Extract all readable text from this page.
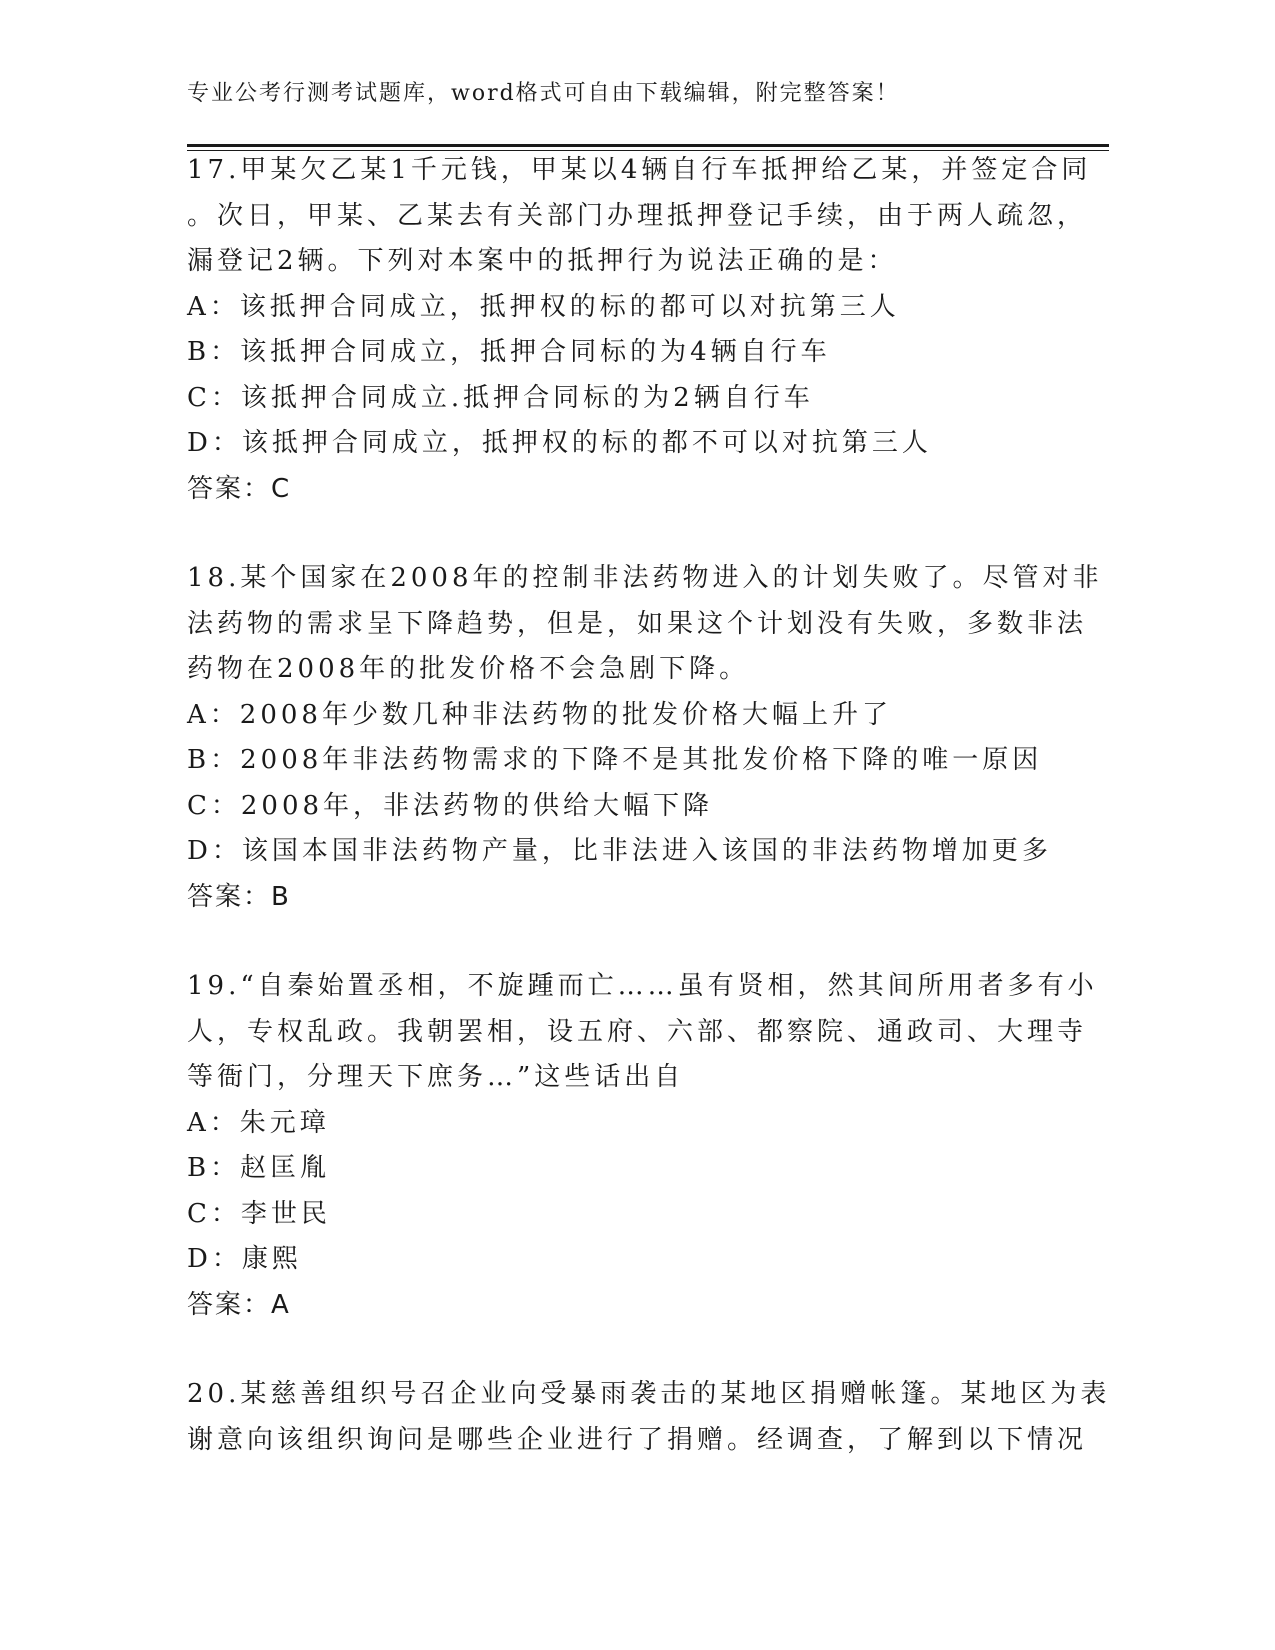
专业公考行测考试题库，word格式可自由下载编辑，附完整答案！
17.甲某欠乙某1千元钱，甲某以4辆自行车抵押给乙某，并签定合同
。次日，甲某、乙某去有关部门办理抵押登记手续，由于两人疏忽，
漏登记2辆。下列对本案中的抵押行为说法正确的是：
A：该抵押合同成立，抵押权的标的都可以对抗第三人
B：该抵押合同成立，抵押合同标的为4辆自行车
C：该抵押合同成立.抵押合同标的为2辆自行车
D：该抵押合同成立，抵押权的标的都不可以对抗第三人
答案：C
18.某个国家在2008年的控制非法药物进入的计划失败了。尽管对非
法药物的需求呈下降趋势，但是，如果这个计划没有失败，多数非法
药物在2008年的批发价格不会急剧下降。
A：2008年少数几种非法药物的批发价格大幅上升了
B：2008年非法药物需求的下降不是其批发价格下降的唯一原因
C：2008年，非法药物的供给大幅下降
D：该国本国非法药物产量，比非法进入该国的非法药物增加更多
答案：B
19.“自秦始置丞相，不旋踵而亡……虽有贤相，然其间所用者多有小
人，专权乱政。我朝罢相，设五府、六部、都察院、通政司、大理寺
等衙门，分理天下庶务…”这些话出自
A：朱元璋
B：赵匡胤
C：李世民
D：康熙
答案：A
20.某慈善组织号召企业向受暴雨袭击的某地区捐赠帐篷。某地区为表
谢意向该组织询问是哪些企业进行了捐赠。经调查，了解到以下情况
